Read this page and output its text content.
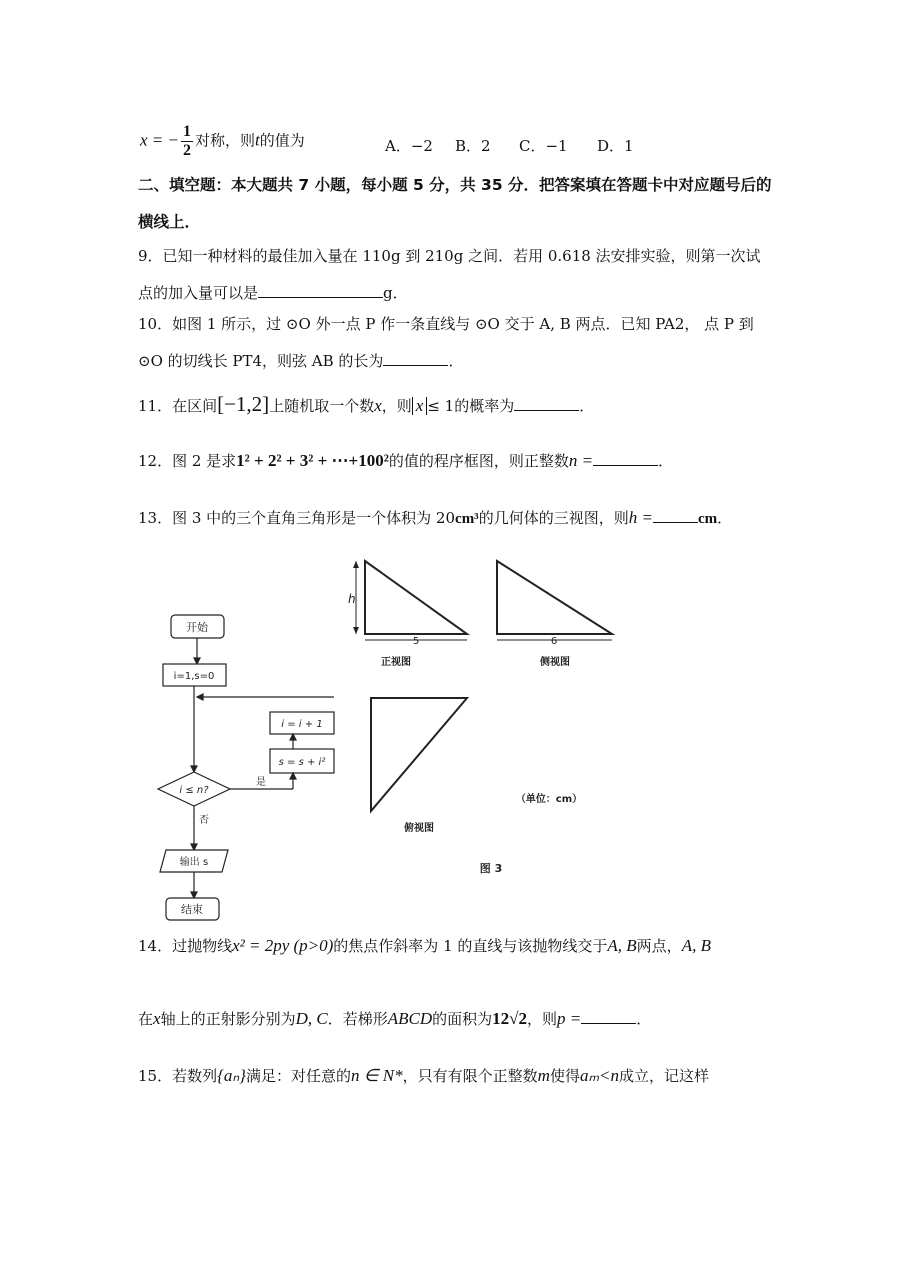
x = − $\frac{1}{2}$ 对称，则t的值为	A．−2 B．2 C．−1 D．1
二、填空题：本大题共 7 小题，每小题 5 分，共 35 分．把答案填在答题卡中对应题号后的
横线上．
9．已知一种材料的最佳加入量在 110g 到 210g 之间．若用 0.618 法安排实验，则第一次试
点的加入量可以是	g．
10．如图 1 所示，过 ⊙O 外一点 P 作一条直线与 ⊙O 交于 A, B 两点．已知 PA2， 点 P 到
⊙O 的切线长 PT4，则弦 AB 的长为	．
11．在区间[−1,2]上随机取一个数x，则 x ≤ 1的概率为	．
12．图 2 是求1² + 2² + 3² + ⋯+100²的值的程序框图，则正整数n =	．
13．图 3 中的三个直角三角形是一个体积为 20cm³的几何体的三视图，则h =	cm．
开始
i=1,s=0
i = i + 1
s = s + i²
i ≤ n?
是
否
输出 s
结束
h
5
正视图
6
侧视图
（单位：cm）
俯视图
图 3
14．过抛物线x² = 2py (p>0)的焦点作斜率为 1 的直线与该抛物线交于A, B两点，A, B
在x轴上的正射影分别为D, C．若梯形ABCD的面积为12√2，则p =	．
15．若数列{aₙ}满足：对任意的n ∈ N*，只有有限个正整数m使得aₘ<n成立，记这样
